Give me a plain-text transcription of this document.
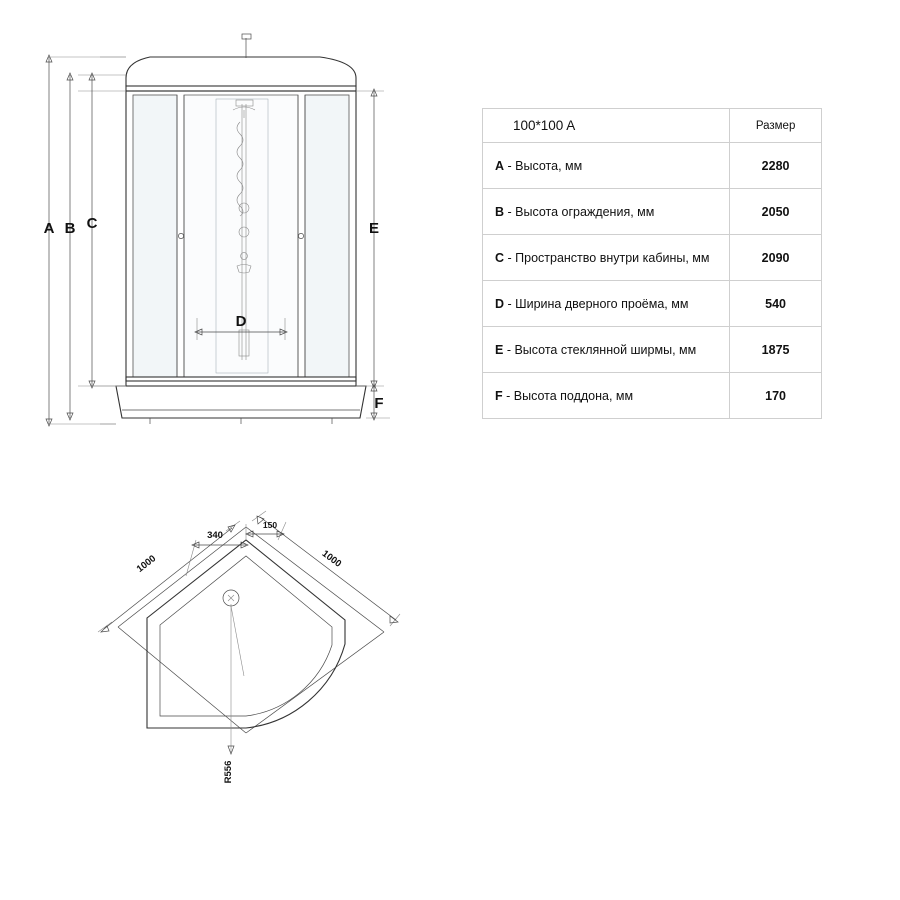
A B C
D
E
F
1000	1000
340
150
R556
100*100 A	Размер
A - Высота, мм	2280
B - Высота ограждения, мм	2050
C - Пространство внутри кабины, мм	2090
D - Ширина дверного проёма, мм	540
E - Высота стеклянной ширмы, мм	1875
F - Высота поддона, мм	170
